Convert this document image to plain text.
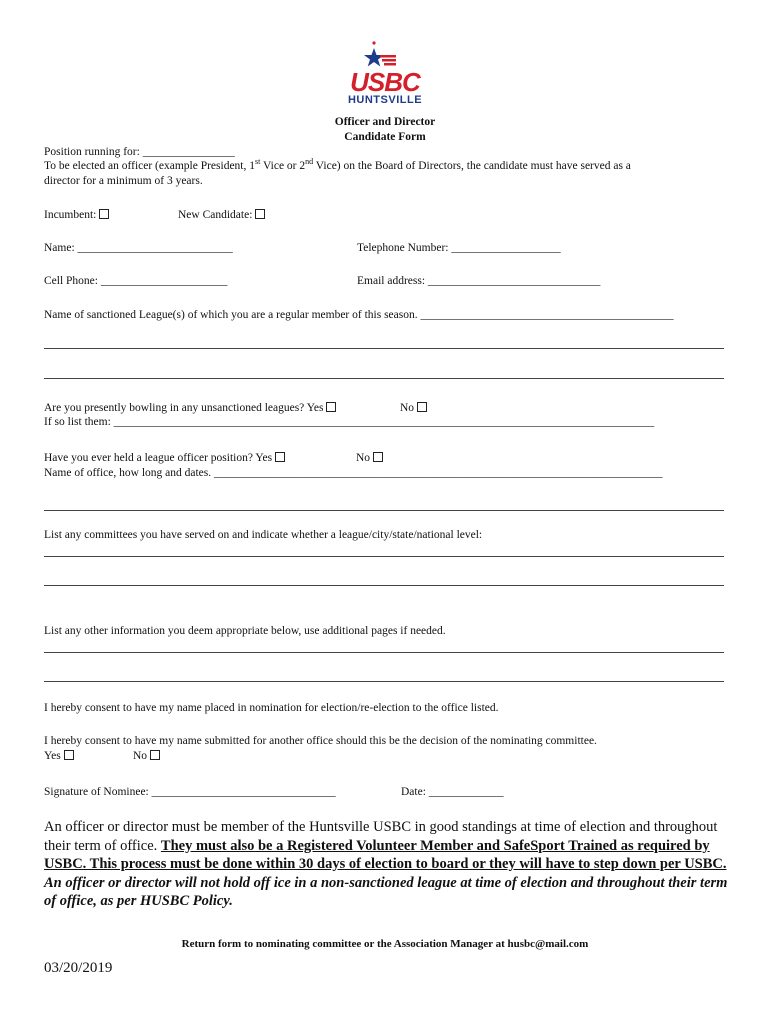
USBC
HUNTSVILLE
Officer and Director
Candidate Form
Position running for: ________________
To be elected an officer (example President, 1st Vice or 2nd Vice) on the Board of Directors, the candidate must have served as a
director for a minimum of 3 years.
Incumbent:	New Candidate:
Name: ___________________________	Telephone Number: ___________________
Cell Phone: ______________________	Email address: ______________________________
Name of sanctioned League(s) of which you are a regular member of this season. ____________________________________________
Are you presently bowling in any unsanctioned leagues? Yes	No
If so list them: ______________________________________________________________________________________________
Have you ever held a league officer position? Yes	No
Name of office, how long and dates. ______________________________________________________________________________
List any committees you have served on and indicate whether a league/city/state/national level:
List any other information you deem appropriate below, use additional pages if needed.
I hereby consent to have my name placed in nomination for election/re-election to the office listed.
I hereby consent to have my name submitted for another office should this be the decision of the nominating committee.
Yes	No
Signature of Nominee: ________________________________	Date: _____________
An officer or director must be member of the Huntsville USBC in good standings at time of election and throughout their term of office. They must also be a Registered Volunteer Member and SafeSport Trained as required by USBC. This process must be done within 30 days of election to board or they will have to step down per USBC. An officer or director will not hold off ice in a non-sanctioned league at time of election and throughout their term of office, as per HUSBC Policy.
Return form to nominating committee or the Association Manager at husbc@mail.com
03/20/2019
